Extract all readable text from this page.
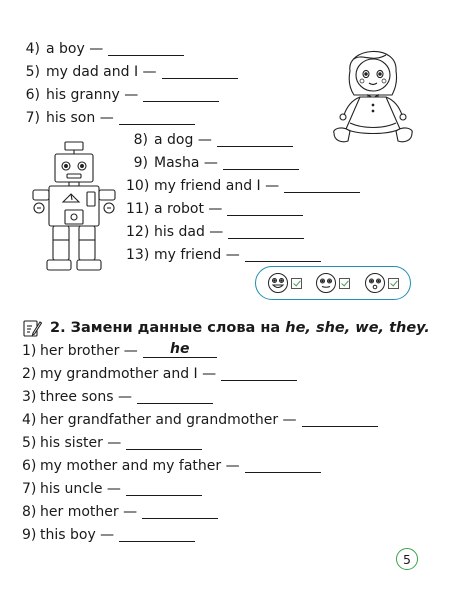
4) a boy —
5) my dad and I —
6) his granny —
7) his son —
8) a dog —
9) Masha —
10) my friend and I —
11) a robot —
12) his dad —
13) my friend —
2.
Замени данные слова на
he, she, we, they.
1) her brother —	he
2) my grandmother and I —
3) three sons —
4) her grandfather and grandmother —
5) his sister —
6) my mother and my father —
7) his uncle —
8) her mother —
9) this boy —
5
